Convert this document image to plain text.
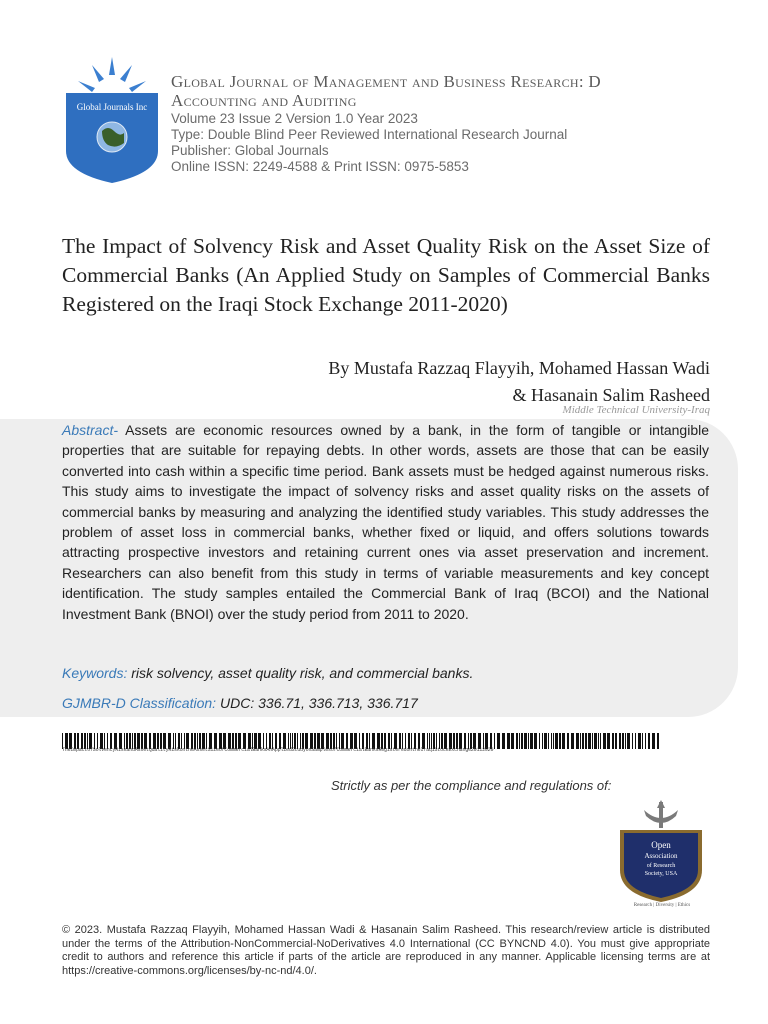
Global Journals Inc
Global Journal of Management and Business Research: D
Accounting and Auditing
Volume 23 Issue 2 Version 1.0 Year 2023
Type: Double Blind Peer Reviewed International Research Journal
Publisher: Global Journals
Online ISSN: 2249-4588 & Print ISSN: 0975-5853
The Impact of Solvency Risk and Asset Quality Risk on the Asset Size of Commercial Banks (An Applied Study on Samples of Commercial Banks Registered on the Iraqi Stock Exchange 2011-2020)
By Mustafa Razzaq Flayyih, Mohamed Hassan Wadi
& Hasanain Salim Rasheed
Middle Technical University-Iraq
Abstract- Assets are economic resources owned by a bank, in the form of tangible or intangible properties that are suitable for repaying debts. In other words, assets are those that can be easily converted into cash within a specific time period. Bank assets must be hedged against numerous risks. This study aims to investigate the impact of solvency risks and asset quality risks on the assets of commercial banks by measuring and analyzing the identified study variables. This study addresses the problem of asset loss in commercial banks, whether fixed or liquid, and offers solutions towards attracting prospective investors and retaining current ones via asset preservation and increment. Researchers can also benefit from this study in terms of variable measurements and key concept identification. The study samples entailed the Commercial Bank of Iraq (BCOI) and the National Investment Bank (BNOI) over the study period from 2011 to 2020.
Keywords: risk solvency, asset quality risk, and commercial banks.
GJMBR-D Classification: UDC: 336.71, 336.713, 336.717
TheImpactofSolvencyRiskandAssetQualityRiskontheAssetSizeofCommercialBanksAnAppliedStudyonSamplesofCommercialBanksRegisteredontheIraqiStockExchange20112020
Strictly as per the compliance and regulations of:
Open
Association
of Research
Society, USA
Research | Diversity | Ethics
© 2023. Mustafa Razzaq Flayyih, Mohamed Hassan Wadi & Hasanain Salim Rasheed. This research/review article is distributed under the terms of the Attribution-NonCommercial-NoDerivatives 4.0 International (CC BYNCND 4.0). You must give appropriate credit to authors and reference this article if parts of the article are reproduced in any manner. Applicable licensing terms are at https://creative-commons.org/licenses/by-nc-nd/4.0/.
